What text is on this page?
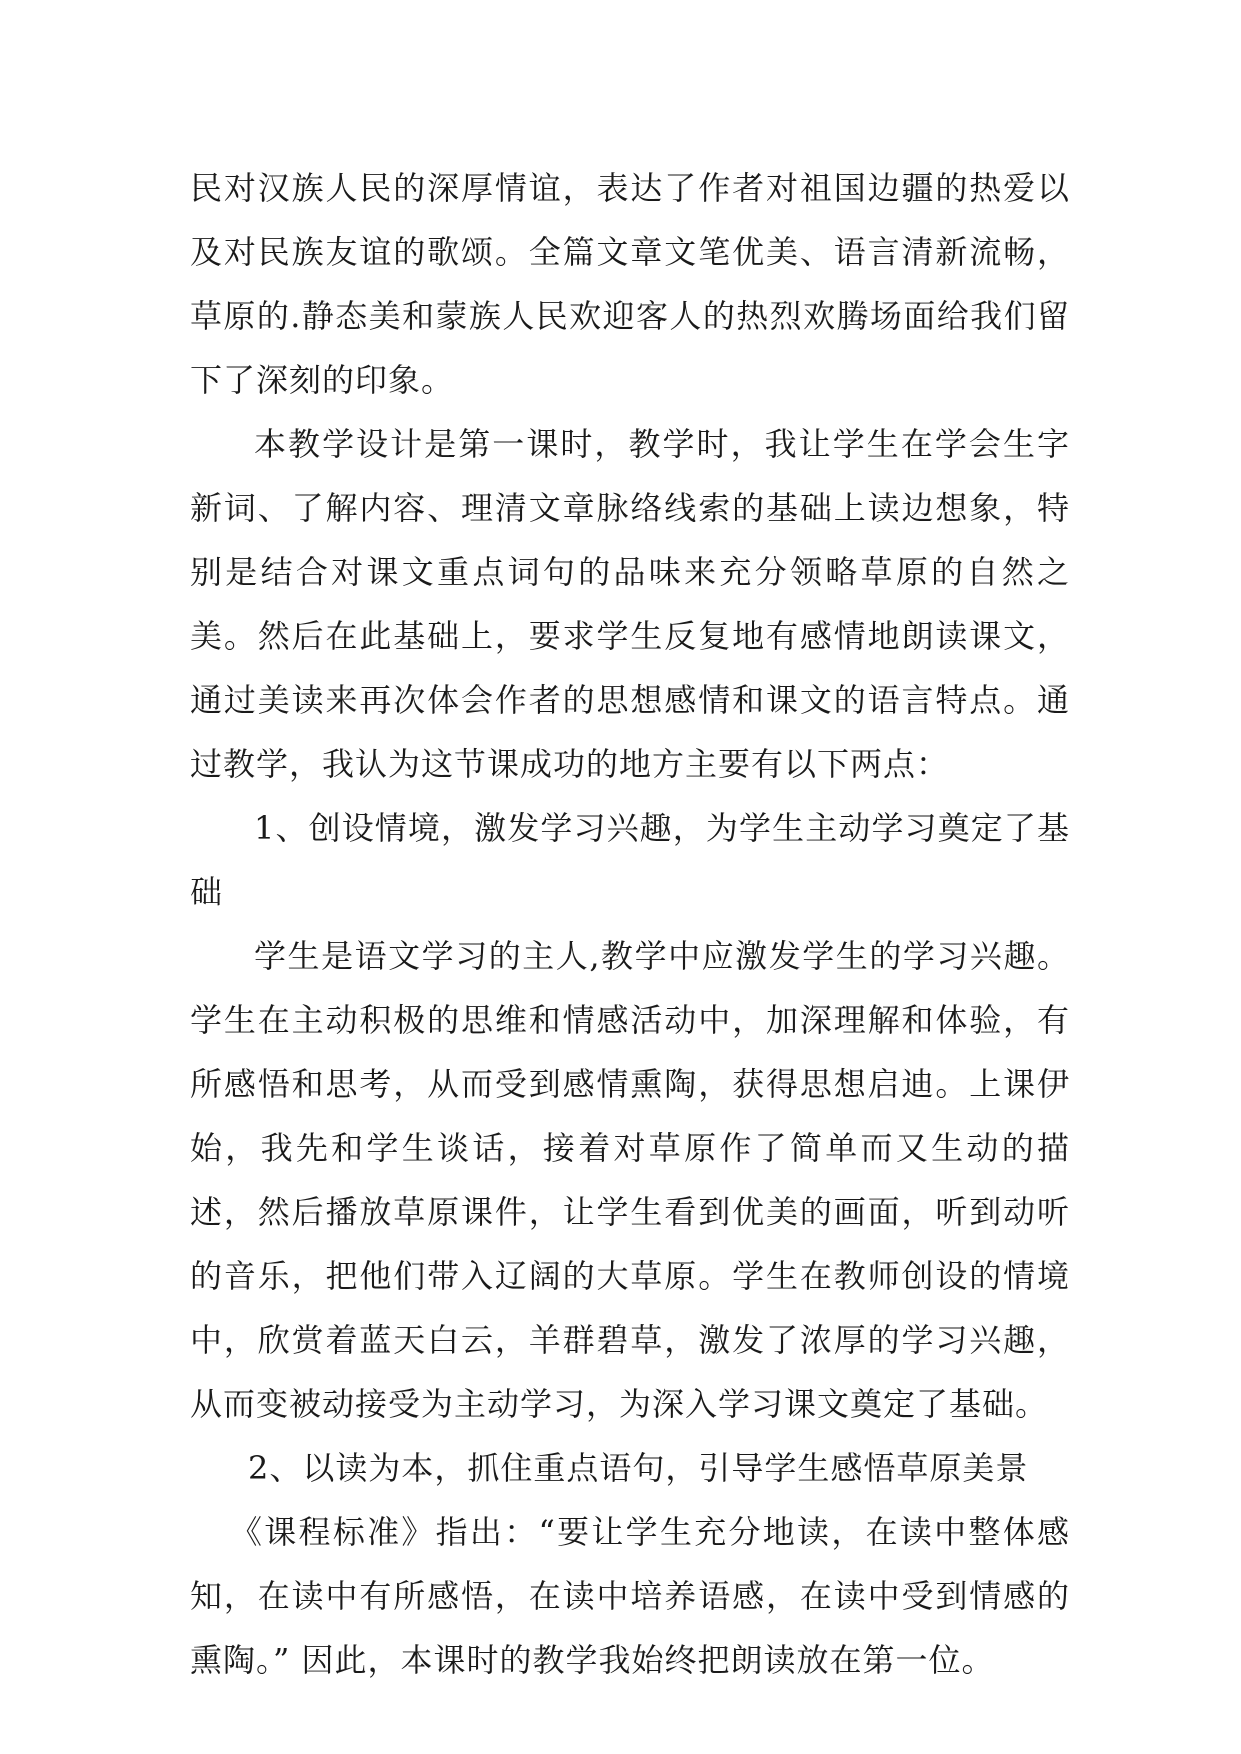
民对汉族人民的深厚情谊，表达了作者对祖国边疆的热爱以及对民族友谊的歌颂。全篇文章文笔优美、语言清新流畅，草原的.静态美和蒙族人民欢迎客人的热烈欢腾场面给我们留下了深刻的印象。

本教学设计是第一课时，教学时，我让学生在学会生字新词、了解内容、理清文章脉络线索的基础上读边想象，特别是结合对课文重点词句的品味来充分领略草原的自然之美。然后在此基础上，要求学生反复地有感情地朗读课文，通过美读来再次体会作者的思想感情和课文的语言特点。通过教学，我认为这节课成功的地方主要有以下两点：

1、创设情境，激发学习兴趣，为学生主动学习奠定了基础

学生是语文学习的主人,教学中应激发学生的学习兴趣。学生在主动积极的思维和情感活动中，加深理解和体验，有所感悟和思考，从而受到感情熏陶，获得思想启迪。上课伊始，我先和学生谈话，接着对草原作了简单而又生动的描述，然后播放草原课件，让学生看到优美的画面，听到动听的音乐，把他们带入辽阔的大草原。学生在教师创设的情境中，欣赏着蓝天白云，羊群碧草，激发了浓厚的学习兴趣，从而变被动接受为主动学习，为深入学习课文奠定了基础。

2、以读为本，抓住重点语句，引导学生感悟草原美景

《课程标准》指出：“要让学生充分地读，在读中整体感知，在读中有所感悟，在读中培养语感，在读中受到情感的熏陶。” 因此，本课时的教学我始终把朗读放在第一位。
